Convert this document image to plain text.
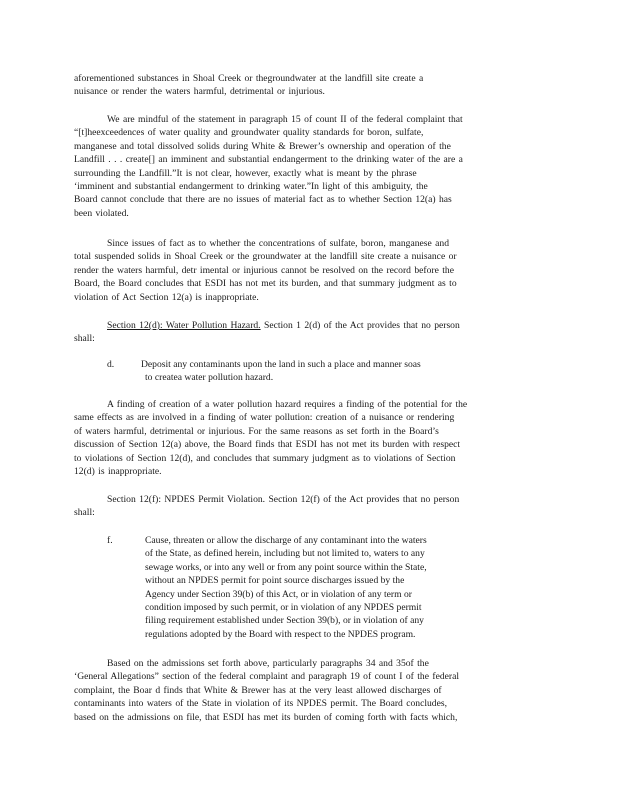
aforementioned substances in Shoal Creek or thegroundwater at the landfill site create a
nuisance or render the waters harmful, detrimental or injurious.
We are mindful of the statement in paragraph 15 of count II of the federal complaint that
“[t]heexceedences of water quality and groundwater quality standards for boron, sulfate,
manganese and total dissolved solids during White & Brewer’s ownership and operation of the
Landfill . . . create[] an imminent and substantial endangerment to the drinking water of the are a
surrounding the Landfill.”It is not clear, however, exactly what is meant by the phrase
‘imminent and substantial endangerment to drinking water.”In light of this ambiguity, the
Board cannot conclude that there are no issues of material fact as to whether Section 12(a) has
been violated.
Since issues of fact as to whether the concentrations of sulfate, boron, manganese and
total suspended solids in Shoal Creek or the groundwater at the landfill site create a nuisance or
render the waters harmful, detr imental or injurious cannot be resolved on the record before the
Board, the Board concludes that ESDI has not met its burden, and that summary judgment as to
violation of Act Section 12(a) is inappropriate.
Section 12(d): Water Pollution Hazard. Section 1 2(d) of the Act provides that no person
shall:
d.	Deposit any contaminants upon the land in such a place and manner soas
to createa water pollution hazard.
A finding of creation of a water pollution hazard requires a finding of the potential for the
same effects as are involved in a finding of water pollution: creation of a nuisance or rendering
of waters harmful, detrimental or injurious. For the same reasons as set forth in the Board’s
discussion of Section 12(a) above, the Board finds that ESDI has not met its burden with respect
to violations of Section 12(d), and concludes that summary judgment as to violations of Section
12(d) is inappropriate.
Section 12(f): NPDES Permit Violation. Section 12(f) of the Act provides that no person
shall:
f.	Cause, threaten or allow the discharge of any contaminant into the waters
of the State, as defined herein, including but not limited to, waters to any
sewage works, or into any well or from any point source within the State,
without an NPDES permit for point source discharges issued by the
Agency under Section 39(b) of this Act, or in violation of any term or
condition imposed by such permit, or in violation of any NPDES permit
filing requirement established under Section 39(b), or in violation of any
regulations adopted by the Board with respect to the NPDES program.
Based on the admissions set forth above, particularly paragraphs 34 and 35of the
‘General Allegations” section of the federal complaint and paragraph 19 of count I of the federal
complaint, the Boar d finds that White & Brewer has at the very least allowed discharges of
contaminants into waters of the State in violation of its NPDES permit. The Board concludes,
based on the admissions on file, that ESDI has met its burden of coming forth with facts which,
